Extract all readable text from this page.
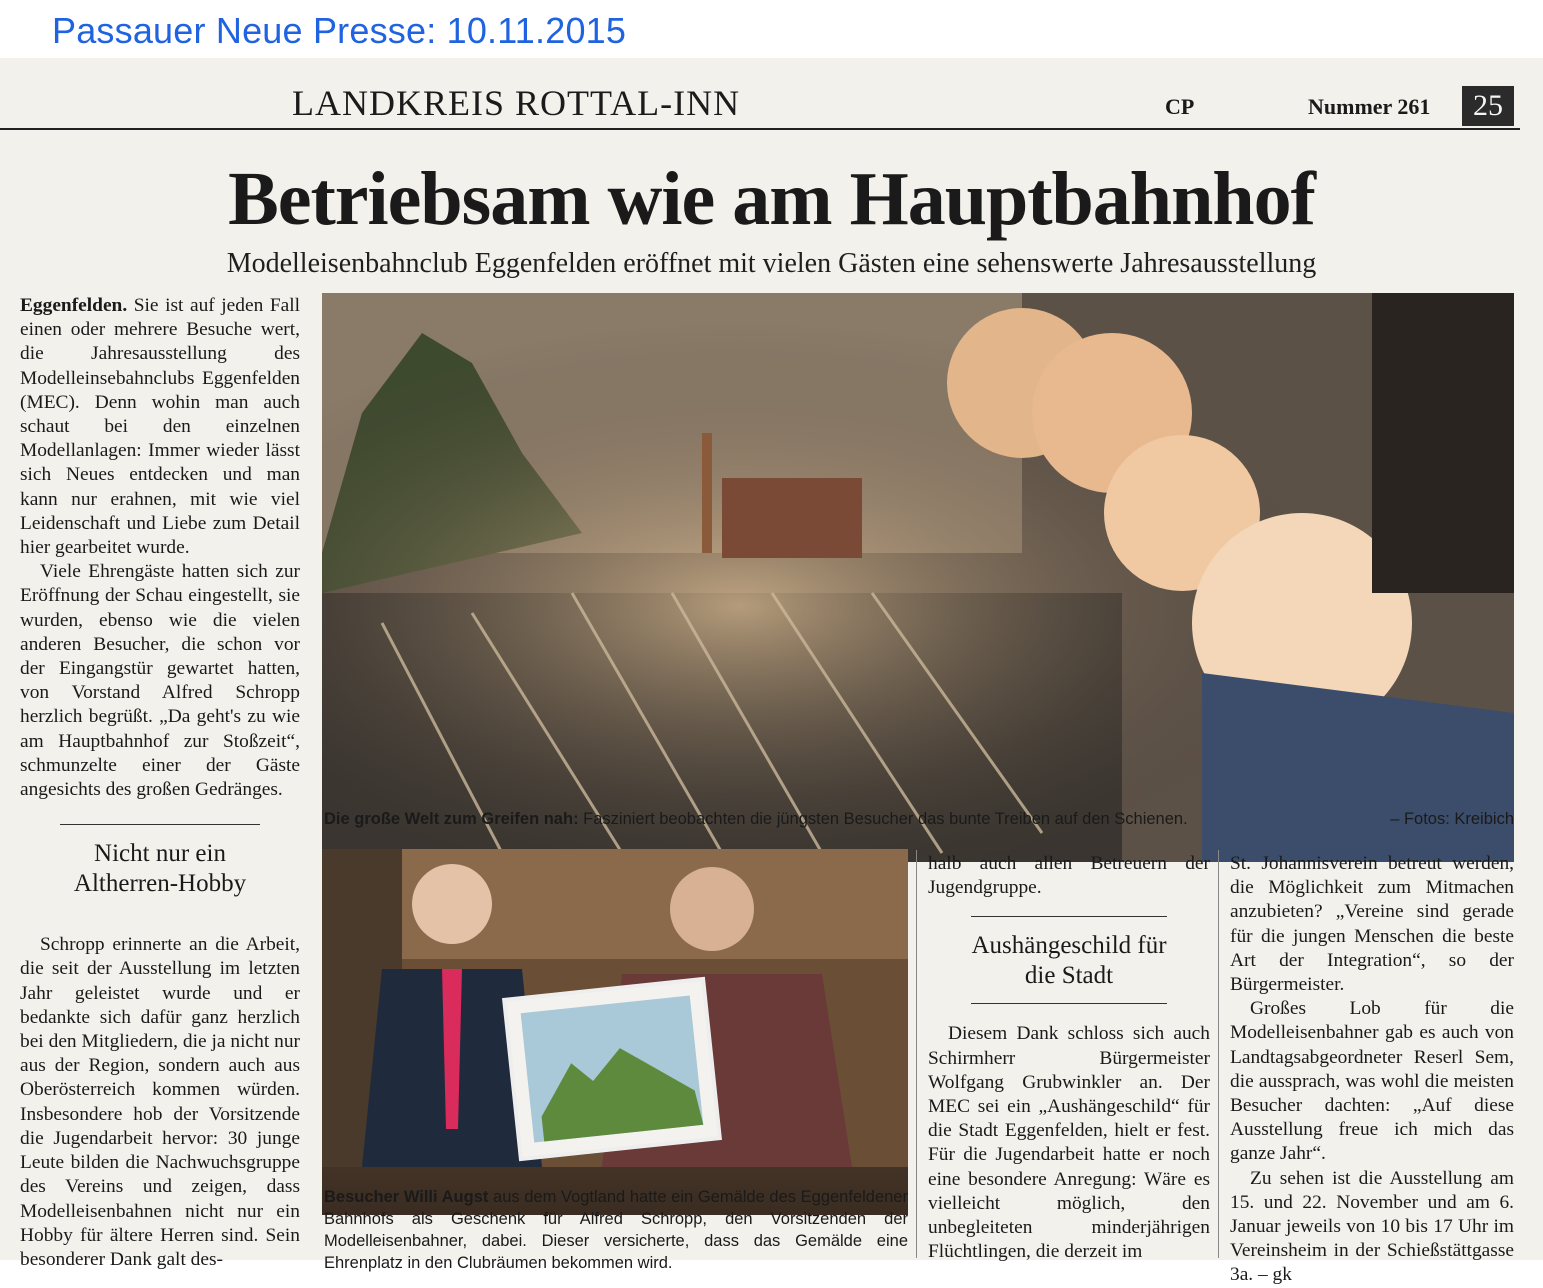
Passauer Neue Presse: 10.11.2015
LANDKREIS ROTTAL-INN	CP	Nummer 261	25
Betriebsam wie am Hauptbahnhof
Modelleisenbahnclub Eggenfelden eröffnet mit vielen Gästen eine sehenswerte Jahresausstellung

Eggenfelden. Sie ist auf jeden Fall einen oder mehrere Besuche wert, die Jahresausstellung des Modelleinsebahnclubs Eggenfelden (MEC). Denn wohin man auch schaut bei den einzelnen Modellanlagen: Immer wieder lässt sich Neues entdecken und man kann nur erahnen, mit wie viel Leidenschaft und Liebe zum Detail hier gearbeitet wurde.

Viele Ehrengäste hatten sich zur Eröffnung der Schau eingestellt, sie wurden, ebenso wie die vielen anderen Besucher, die schon vor der Eingangstür gewartet hatten, von Vorstand Alfred Schropp herzlich begrüßt. „Da geht's zu wie am Hauptbahnhof zur Stoßzeit“, schmunzelte einer der Gäste angesichts des großen Gedränges.

Nicht nur ein Altherren-Hobby

Schropp erinnerte an die Arbeit, die seit der Ausstellung im letzten Jahr geleistet wurde und er bedankte sich dafür ganz herzlich bei den Mitgliedern, die ja nicht nur aus der Region, sondern auch aus Oberösterreich kommen würden. Insbesondere hob der Vorsitzende die Jugendarbeit hervor: 30 junge Leute bilden die Nachwuchsgruppe des Vereins und zeigen, dass Modelleisenbahnen nicht nur ein Hobby für ältere Herren sind. Sein besonderer Dank galt des-

Die große Welt zum Greifen nah: Fasziniert beobachten die jüngsten Besucher das bunte Treiben auf den Schienen.	– Fotos: Kreibich
Besucher Willi Augst aus dem Vogtland hatte ein Gemälde des Eggenfeldener Bahnhofs als Geschenk für Alfred Schropp, den Vorsitzenden der Modelleisenbahner, dabei. Dieser versicherte, dass das Gemälde eine Ehrenplatz in den Clubräumen bekommen wird.

halb auch allen Betreuern der Jugendgruppe.

Aushängeschild für die Stadt

Diesem Dank schloss sich auch Schirmherr Bürgermeister Wolfgang Grubwinkler an. Der MEC sei ein „Aushängeschild“ für die Stadt Eggenfelden, hielt er fest. Für die Jugendarbeit hatte er noch eine besondere Anregung: Wäre es vielleicht möglich, den unbegleiteten minderjährigen Flüchtlingen, die derzeit im

St. Johannisverein betreut werden, die Möglichkeit zum Mitmachen anzubieten? „Vereine sind gerade für die jungen Menschen die beste Art der Integration“, so der Bürgermeister.

Großes Lob für die Modelleisenbahner gab es auch von Landtagsabgeordneter Reserl Sem, die aussprach, was wohl die meisten Besucher dachten: „Auf diese Ausstellung freue ich mich das ganze Jahr“.

Zu sehen ist die Ausstellung am 15. und 22. November und am 6. Januar jeweils von 10 bis 17 Uhr im Vereinsheim in der Schießstättgasse 3a. – gk
